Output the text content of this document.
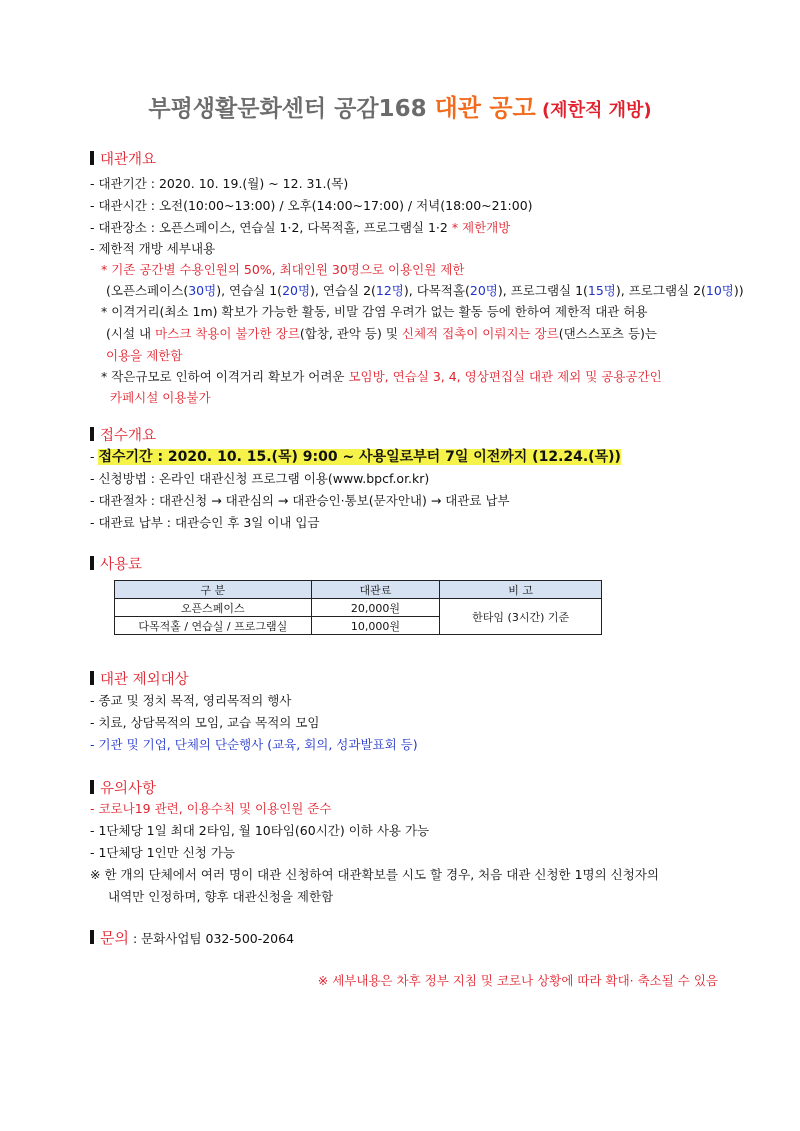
부평생활문화센터 공감168 대관 공고 (제한적 개방)
대관개요
- 대관기간 : 2020. 10. 19.(월) ~ 12. 31.(목)
- 대관시간 : 오전(10:00~13:00) / 오후(14:00~17:00) / 저녁(18:00~21:00)
- 대관장소 : 오픈스페이스, 연습실 1·2, 다목적홀, 프로그램실 1·2 * 제한개방
- 제한적 개방 세부내용
* 기존 공간별 수용인원의 50%, 최대인원 30명으로 이용인원 제한
(오픈스페이스(30명), 연습실 1(20명), 연습실 2(12명), 다목적홀(20명), 프로그램실 1(15명), 프로그램실 2(10명))
* 이격거리(최소 1m) 확보가 가능한 활동, 비말 감염 우려가 없는 활동 등에 한하여 제한적 대관 허용
(시설 내 마스크 착용이 불가한 장르(합창, 관악 등) 및 신체적 접촉이 이뤄지는 장르(댄스스포츠 등)는
이용을 제한함
* 작은규모로 인하여 이격거리 확보가 어려운 모임방, 연습실 3, 4, 영상편집실 대관 제외 및 공용공간인
카페시설 이용불가
접수개요
- 접수기간 : 2020. 10. 15.(목) 9:00 ~ 사용일로부터 7일 이전까지 (12.24.(목))
- 신청방법 : 온라인 대관신청 프로그램 이용(www.bpcf.or.kr)
- 대관절차 : 대관신청 → 대관심의 → 대관승인·통보(문자안내) → 대관료 납부
- 대관료 납부 : 대관승인 후 3일 이내 입금
사용료
구 분	대관료	비 고
오픈스페이스	20,000원	한타임 (3시간) 기준
다목적홀 / 연습실 / 프로그램실	10,000원	
대관 제외대상
- 종교 및 정치 목적, 영리목적의 행사
- 치료, 상담목적의 모임, 교습 목적의 모임
- 기관 및 기업, 단체의 단순행사 (교육, 회의, 성과발표회 등)
유의사항
- 코로나19 관련, 이용수칙 및 이용인원 준수
- 1단체당 1일 최대 2타임, 월 10타임(60시간) 이하 사용 가능
- 1단체당 1인만 신청 가능
※ 한 개의 단체에서 여러 명이 대관 신청하여 대관확보를 시도 할 경우, 처음 대관 신청한 1명의 신청자의
내역만 인정하며, 향후 대관신청을 제한함
문의 : 문화사업팀 032-500-2064
※ 세부내용은 차후 정부 지침 및 코로나 상황에 따라 확대· 축소될 수 있음
